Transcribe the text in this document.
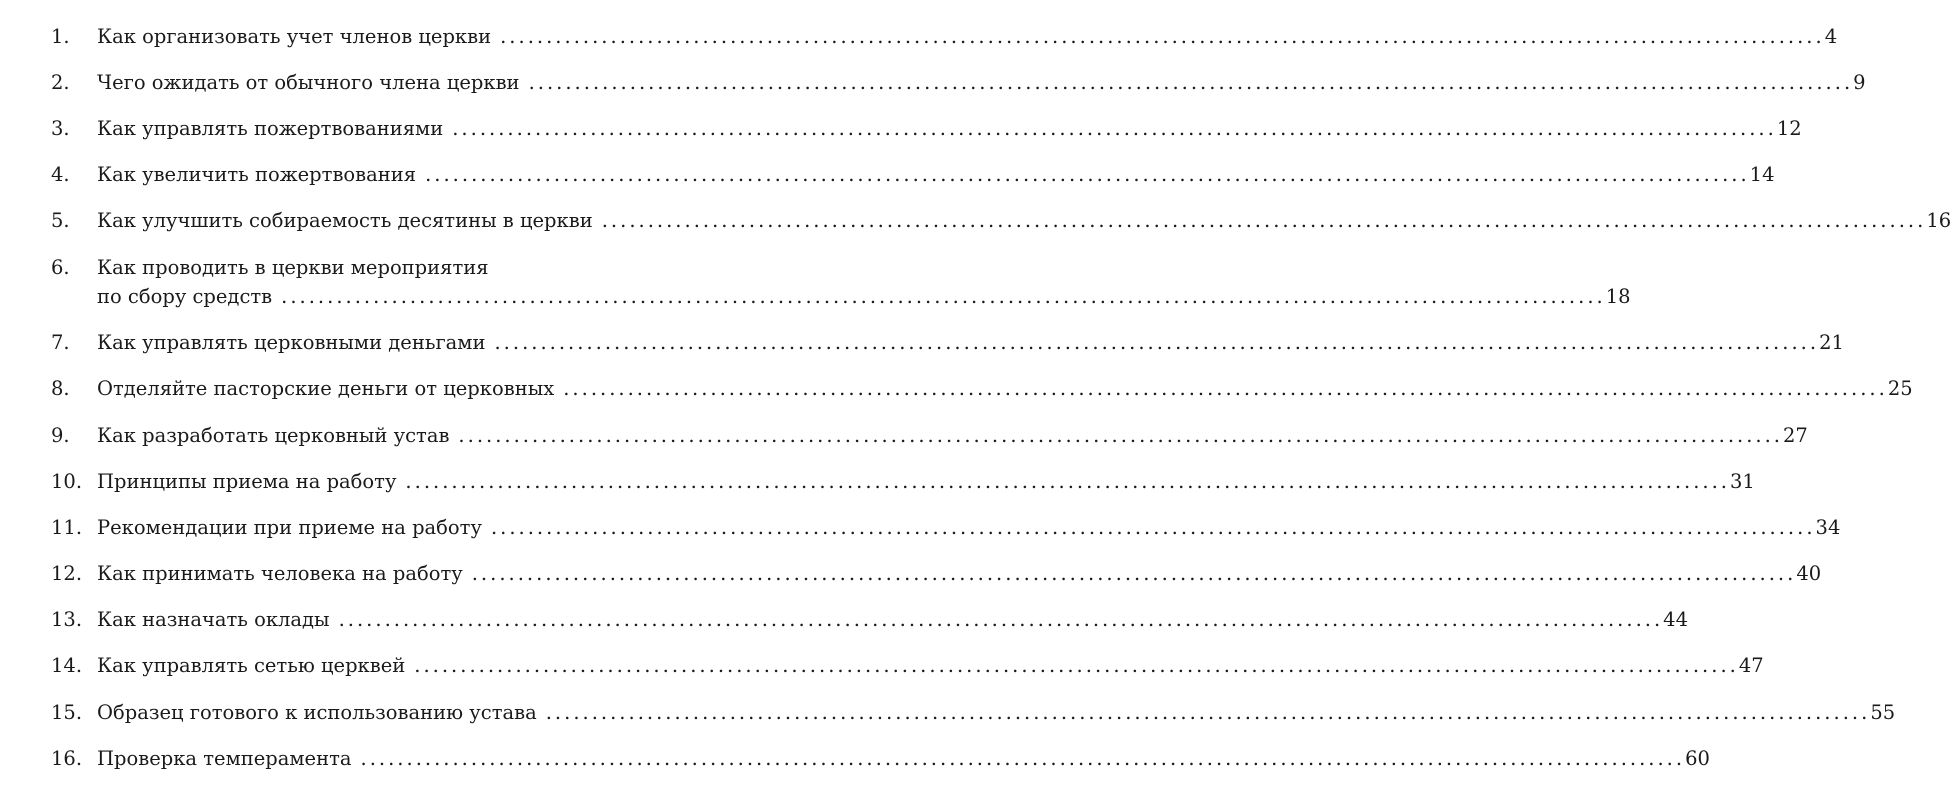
1. Как организовать учет членов церкви ................................................................................................................................................ 4
2. Чего ожидать от обычного члена церкви ................................................................................................................................................ 9
3. Как управлять пожертвованиями ................................................................................................................................................ 12
4. Как увеличить пожертвования ................................................................................................................................................ 14
5. Как улучшить собираемость десятины в церкви ................................................................................................................................................ 16
6. Как проводить в церкви мероприятия
по сбору средств ................................................................................................................................................ 18
7. Как управлять церковными деньгами ................................................................................................................................................ 21
8. Отделяйте пасторские деньги от церковных ................................................................................................................................................ 25
9. Как разработать церковный устав ................................................................................................................................................ 27
10. Принципы приема на работу ................................................................................................................................................ 31
11. Рекомендации при приеме на работу ................................................................................................................................................ 34
12. Как принимать человека на работу ................................................................................................................................................ 40
13. Как назначать оклады ................................................................................................................................................ 44
14. Как управлять сетью церквей ................................................................................................................................................ 47
15. Образец готового к использованию устава ................................................................................................................................................ 55
16. Проверка темперамента ................................................................................................................................................ 60
